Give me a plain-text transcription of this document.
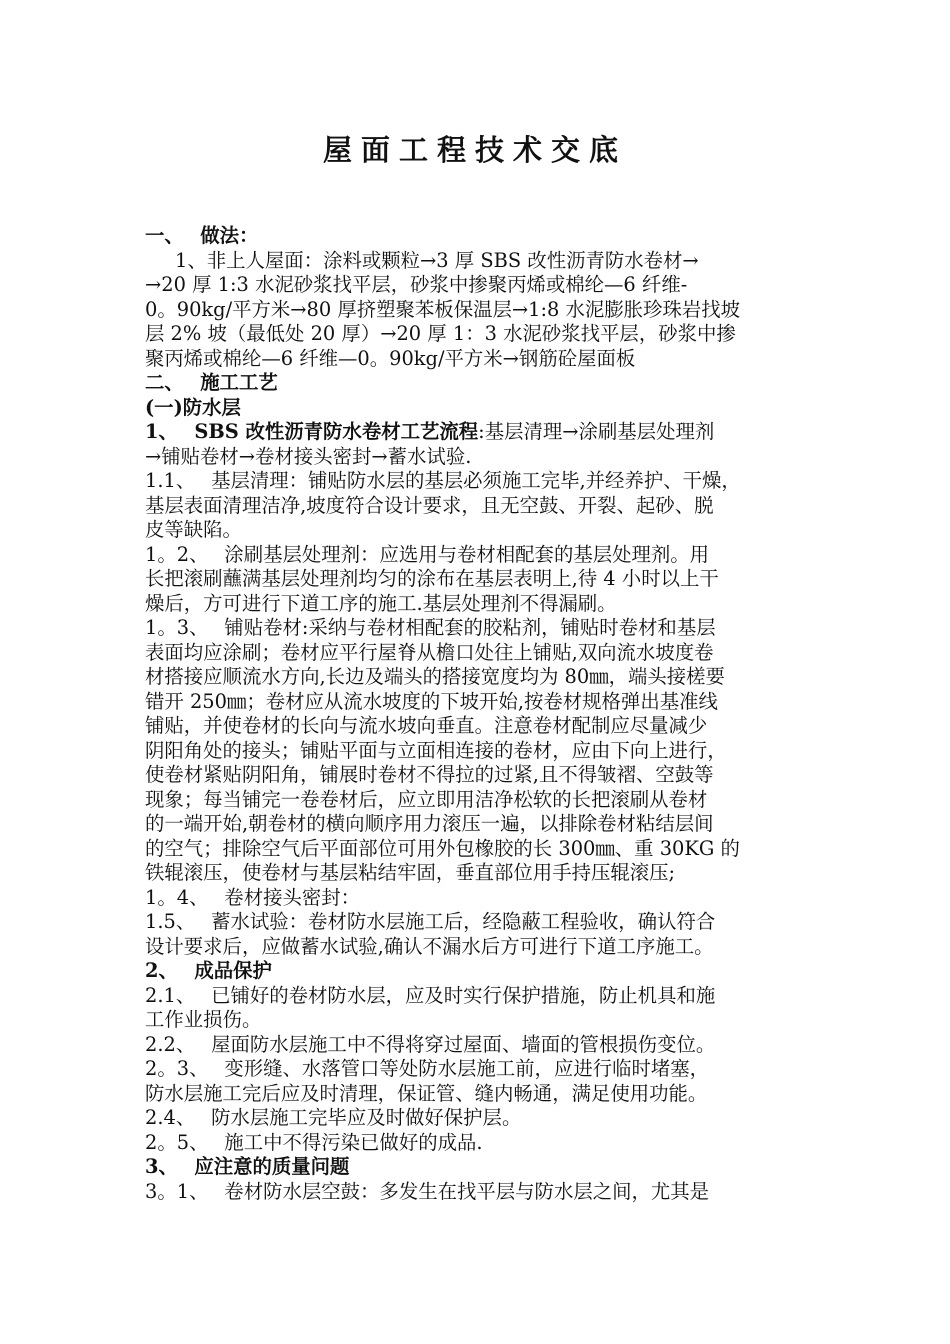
屋面工程技术交底
一、　 做法：
1、非上人屋面：涂料或颗粒→3 厚 SBS 改性沥青防水卷材→
→20 厚 1:3 水泥砂浆找平层，砂浆中掺聚丙烯或棉纶—6 纤维-
0。90kg/平方米→80 厚挤塑聚苯板保温层→1:8 水泥膨胀珍珠岩找坡
层 2% 坡（最低处 20 厚）→20 厚 1：3 水泥砂浆找平层，砂浆中掺
聚丙烯或棉纶—6 纤维—0。90kg/平方米→钢筋砼屋面板
二、　 施工工艺
(一)防水层
1、　 SBS 改性沥青防水卷材工艺流程:基层清理→涂刷基层处理剂
→铺贴卷材→卷材接头密封→蓄水试验.
1.1、　 基层清理：铺贴防水层的基层必须施工完毕,并经养护、干燥，
基层表面清理洁净,坡度符合设计要求，且无空鼓、开裂、起砂、脱
皮等缺陷。
1。2、　 涂刷基层处理剂：应选用与卷材相配套的基层处理剂。用
长把滚刷蘸满基层处理剂均匀的涂布在基层表明上,待 4 小时以上干
燥后，方可进行下道工序的施工.基层处理剂不得漏刷。
1。3、　 铺贴卷材:采纳与卷材相配套的胶粘剂，铺贴时卷材和基层
表面均应涂刷；卷材应平行屋脊从檐口处往上铺贴,双向流水坡度卷
材搭接应顺流水方向,长边及端头的搭接宽度均为 80㎜，端头接槎要
错开 250㎜；卷材应从流水坡度的下坡开始,按卷材规格弹出基准线
铺贴，并使卷材的长向与流水坡向垂直。注意卷材配制应尽量减少
阴阳角处的接头；铺贴平面与立面相连接的卷材，应由下向上进行，
使卷材紧贴阴阳角，铺展时卷材不得拉的过紧,且不得皱褶、空鼓等
现象；每当铺完一卷卷材后，应立即用洁净松软的长把滚刷从卷材
的一端开始,朝卷材的横向顺序用力滚压一遍，以排除卷材粘结层间
的空气；排除空气后平面部位可用外包橡胶的长 300㎜、重 30KG 的
铁辊滚压，使卷材与基层粘结牢固，垂直部位用手持压辊滚压;
1。4、　 卷材接头密封：
1.5、　 蓄水试验：卷材防水层施工后，经隐蔽工程验收，确认符合
设计要求后，应做蓄水试验,确认不漏水后方可进行下道工序施工。
2、　 成品保护
2.1、　 已铺好的卷材防水层，应及时实行保护措施，防止机具和施
工作业损伤。
2.2、　 屋面防水层施工中不得将穿过屋面、墙面的管根损伤变位。
2。3、　 变形缝、水落管口等处防水层施工前，应进行临时堵塞，
防水层施工完后应及时清理，保证管、缝内畅通，满足使用功能。
2.4、　 防水层施工完毕应及时做好保护层。
2。5、　 施工中不得污染已做好的成品.
3、　 应注意的质量问题
3。1、　 卷材防水层空鼓：多发生在找平层与防水层之间，尤其是
